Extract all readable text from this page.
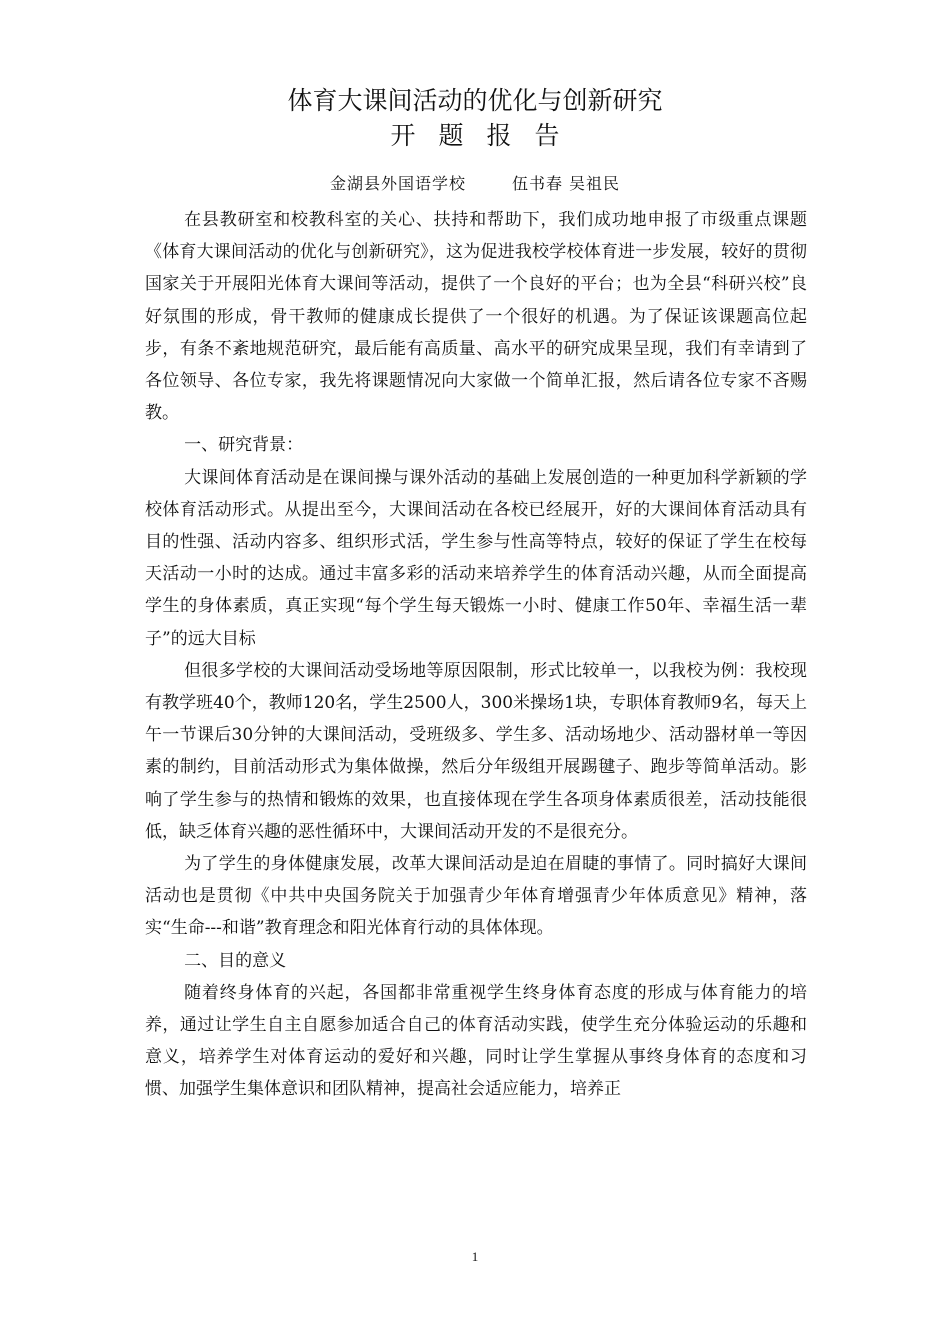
体育大课间活动的优化与创新研究
开题报告
金湖县外国语学校	伍书春 吴祖民

在县教研室和校教科室的关心、扶持和帮助下，我们成功地申报了市级重点课题《体育大课间活动的优化与创新研究》，这为促进我校学校体育进一步发展，较好的贯彻国家关于开展阳光体育大课间等活动，提供了一个良好的平台；也为全县“科研兴校”良好氛围的形成，骨干教师的健康成长提供了一个很好的机遇。为了保证该课题高位起步，有条不紊地规范研究，最后能有高质量、高水平的研究成果呈现，我们有幸请到了各位领导、各位专家，我先将课题情况向大家做一个简单汇报，然后请各位专家不吝赐教。

一、研究背景：

大课间体育活动是在课间操与课外活动的基础上发展创造的一种更加科学新颖的学校体育活动形式。从提出至今，大课间活动在各校已经展开，好的大课间体育活动具有目的性强、活动内容多、组织形式活，学生参与性高等特点，较好的保证了学生在校每天活动一小时的达成。通过丰富多彩的活动来培养学生的体育活动兴趣，从而全面提高学生的身体素质，真正实现“每个学生每天锻炼一小时、健康工作50年、幸福生活一辈子”的远大目标

但很多学校的大课间活动受场地等原因限制，形式比较单一，以我校为例：我校现有教学班40个，教师120名，学生2500人，300米操场1块，专职体育教师9名，每天上午一节课后30分钟的大课间活动，受班级多、学生多、活动场地少、活动器材单一等因素的制约，目前活动形式为集体做操，然后分年级组开展踢毽子、跑步等简单活动。影响了学生参与的热情和锻炼的效果，也直接体现在学生各项身体素质很差，活动技能很低，缺乏体育兴趣的恶性循环中，大课间活动开发的不是很充分。

为了学生的身体健康发展，改革大课间活动是迫在眉睫的事情了。同时搞好大课间活动也是贯彻《中共中央国务院关于加强青少年体育增强青少年体质意见》精神，落实“生命---和谐”教育理念和阳光体育行动的具体体现。

二、目的意义

随着终身体育的兴起，各国都非常重视学生终身体育态度的形成与体育能力的培养，通过让学生自主自愿参加适合自己的体育活动实践，使学生充分体验运动的乐趣和意义，培养学生对体育运动的爱好和兴趣，同时让学生掌握从事终身体育的态度和习惯、加强学生集体意识和团队精神，提高社会适应能力，培养正

1
